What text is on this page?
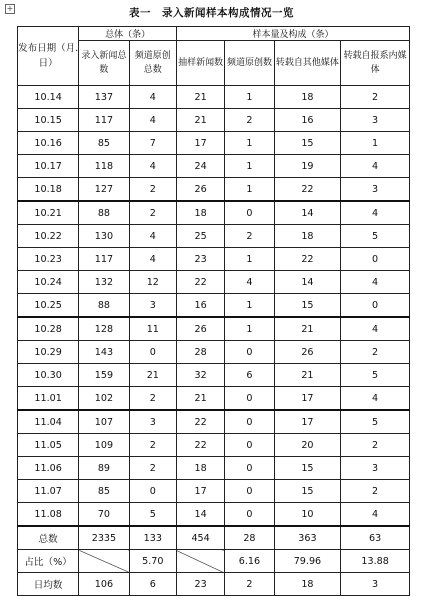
+	表一　录入新闻样本构成情况一览
发布日期（月.日）	总体（条）		样本量及构成（条）			
	录入新闻总数	频道原创总数	抽样新闻数	频道原创数	转载自其他媒体	转载自报系内媒体
10.14	137	4	21	1	18	2
10.15	117	4	21	2	16	3
10.16	85	7	17	1	15	1
10.17	118	4	24	1	19	4
10.18	127	2	26	1	22	3
10.21	88	2	18	0	14	4
10.22	130	4	25	2	18	5
10.23	117	4	23	1	22	0
10.24	132	12	22	4	14	4
10.25	88	3	16	1	15	0
10.28	128	11	26	1	21	4
10.29	143	0	28	0	26	2
10.30	159	21	32	6	21	5
11.01	102	2	21	0	17	4
11.04	107	3	22	0	17	5
11.05	109	2	22	0	20	2
11.06	89	2	18	0	15	3
11.07	85	0	17	0	15	2
11.08	70	5	14	0	10	4
总数	2335	133	454	28	363	63
占比（%）		5.70		6.16	79.96	13.88
日均数	106	6	23	2	18	3
